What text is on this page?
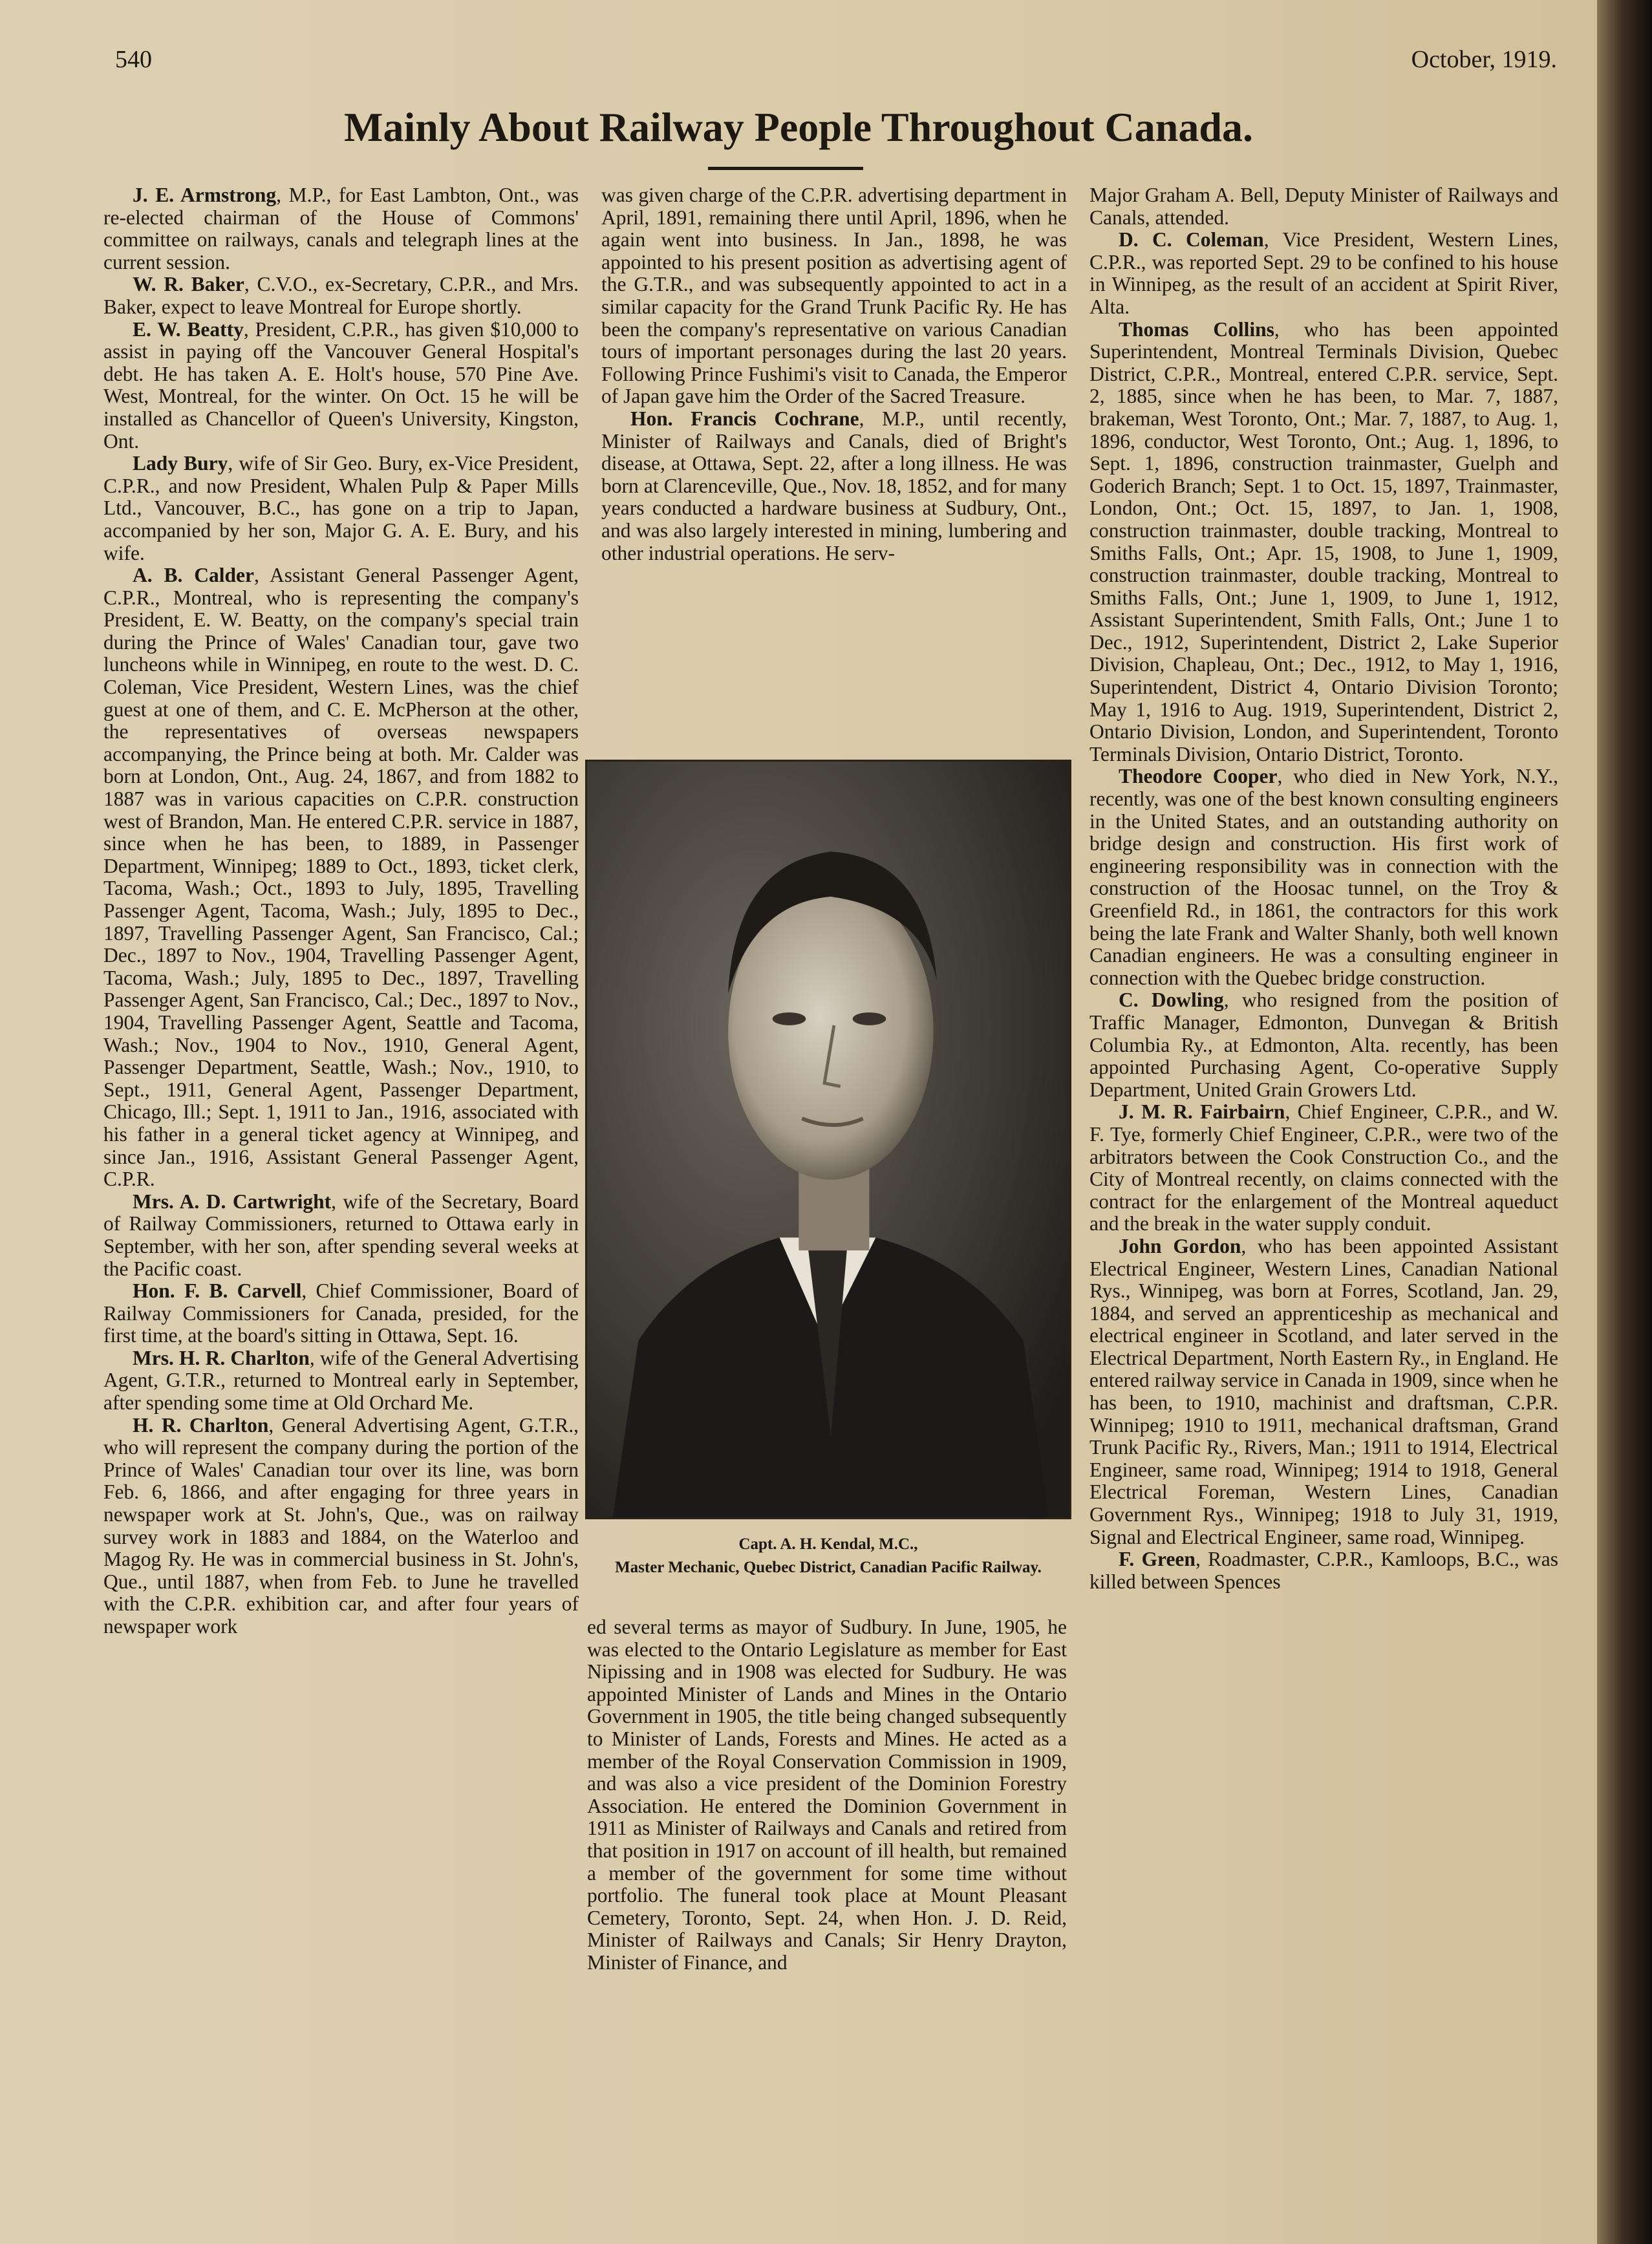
540	October, 1919.
Mainly About Railway People Throughout Canada.

J. E. Armstrong, M.P., for East Lambton, Ont., was re-elected chairman of the House of Commons' committee on railways, canals and telegraph lines at the current session.

W. R. Baker, C.V.O., ex-Secretary, C.P.R., and Mrs. Baker, expect to leave Montreal for Europe shortly.

E. W. Beatty, President, C.P.R., has given $10,000 to assist in paying off the Vancouver General Hospital's debt. He has taken A. E. Holt's house, 570 Pine Ave. West, Montreal, for the winter. On Oct. 15 he will be installed as Chancellor of Queen's University, Kingston, Ont.

Lady Bury, wife of Sir Geo. Bury, ex-Vice President, C.P.R., and now President, Whalen Pulp & Paper Mills Ltd., Vancouver, B.C., has gone on a trip to Japan, accompanied by her son, Major G. A. E. Bury, and his wife.

A. B. Calder, Assistant General Passenger Agent, C.P.R., Montreal, who is representing the company's President, E. W. Beatty, on the company's special train during the Prince of Wales' Canadian tour, gave two luncheons while in Winnipeg, en route to the west. D. C. Coleman, Vice President, Western Lines, was the chief guest at one of them, and C. E. McPherson at the other, the representatives of overseas newspapers accompanying, the Prince being at both. Mr. Calder was born at London, Ont., Aug. 24, 1867, and from 1882 to 1887 was in various capacities on C.P.R. construction west of Brandon, Man. He entered C.P.R. service in 1887, since when he has been, to 1889, in Passenger Department, Winnipeg; 1889 to Oct., 1893, ticket clerk, Tacoma, Wash.; Oct., 1893 to July, 1895, Travelling Passenger Agent, Tacoma, Wash.; July, 1895 to Dec., 1897, Travelling Passenger Agent, San Francisco, Cal.; Dec., 1897 to Nov., 1904, Travelling Passenger Agent, Tacoma, Wash.; July, 1895 to Dec., 1897, Travelling Passenger Agent, San Francisco, Cal.; Dec., 1897 to Nov., 1904, Travelling Passenger Agent, Seattle and Tacoma, Wash.; Nov., 1904 to Nov., 1910, General Agent, Passenger Department, Seattle, Wash.; Nov., 1910, to Sept., 1911, General Agent, Passenger Department, Chicago, Ill.; Sept. 1, 1911 to Jan., 1916, associated with his father in a general ticket agency at Winnipeg, and since Jan., 1916, Assistant General Passenger Agent, C.P.R.

Mrs. A. D. Cartwright, wife of the Secretary, Board of Railway Commissioners, returned to Ottawa early in September, with her son, after spending several weeks at the Pacific coast.

Hon. F. B. Carvell, Chief Commissioner, Board of Railway Commissioners for Canada, presided, for the first time, at the board's sitting in Ottawa, Sept. 16.

Mrs. H. R. Charlton, wife of the General Advertising Agent, G.T.R., returned to Montreal early in September, after spending some time at Old Orchard Me.

H. R. Charlton, General Advertising Agent, G.T.R., who will represent the company during the portion of the Prince of Wales' Canadian tour over its line, was born Feb. 6, 1866, and after engaging for three years in newspaper work at St. John's, Que., was on railway survey work in 1883 and 1884, on the Waterloo and Magog Ry. He was in commercial business in St. John's, Que., until 1887, when from Feb. to June he travelled with the C.P.R. exhibition car, and after four years of newspaper work

was given charge of the C.P.R. advertising department in April, 1891, remaining there until April, 1896, when he again went into business. In Jan., 1898, he was appointed to his present position as advertising agent of the G.T.R., and was subsequently appointed to act in a similar capacity for the Grand Trunk Pacific Ry. He has been the company's representative on various Canadian tours of important personages during the last 20 years. Following Prince Fushimi's visit to Canada, the Emperor of Japan gave him the Order of the Sacred Treasure.

Hon. Francis Cochrane, M.P., until recently, Minister of Railways and Canals, died of Bright's disease, at Ottawa, Sept. 22, after a long illness. He was born at Clarenceville, Que., Nov. 18, 1852, and for many years conducted a hardware business at Sudbury, Ont., and was also largely interested in mining, lumbering and other industrial operations. He serv-

Capt. A. H. Kendal, M.C.,
Master Mechanic, Quebec District, Canadian Pacific Railway.

ed several terms as mayor of Sudbury. In June, 1905, he was elected to the Ontario Legislature as member for East Nipissing and in 1908 was elected for Sudbury. He was appointed Minister of Lands and Mines in the Ontario Government in 1905, the title being changed subsequently to Minister of Lands, Forests and Mines. He acted as a member of the Royal Conservation Commission in 1909, and was also a vice president of the Dominion Forestry Association. He entered the Dominion Government in 1911 as Minister of Railways and Canals and retired from that position in 1917 on account of ill health, but remained a member of the government for some time without portfolio. The funeral took place at Mount Pleasant Cemetery, Toronto, Sept. 24, when Hon. J. D. Reid, Minister of Railways and Canals; Sir Henry Drayton, Minister of Finance, and

Major Graham A. Bell, Deputy Minister of Railways and Canals, attended.

D. C. Coleman, Vice President, Western Lines, C.P.R., was reported Sept. 29 to be confined to his house in Winnipeg, as the result of an accident at Spirit River, Alta.

Thomas Collins, who has been appointed Superintendent, Montreal Terminals Division, Quebec District, C.P.R., Montreal, entered C.P.R. service, Sept. 2, 1885, since when he has been, to Mar. 7, 1887, brakeman, West Toronto, Ont.; Mar. 7, 1887, to Aug. 1, 1896, conductor, West Toronto, Ont.; Aug. 1, 1896, to Sept. 1, 1896, construction trainmaster, Guelph and Goderich Branch; Sept. 1 to Oct. 15, 1897, Trainmaster, London, Ont.; Oct. 15, 1897, to Jan. 1, 1908, construction trainmaster, double tracking, Montreal to Smiths Falls, Ont.; Apr. 15, 1908, to June 1, 1909, construction trainmaster, double tracking, Montreal to Smiths Falls, Ont.; June 1, 1909, to June 1, 1912, Assistant Superintendent, Smith Falls, Ont.; June 1 to Dec., 1912, Superintendent, District 2, Lake Superior Division, Chapleau, Ont.; Dec., 1912, to May 1, 1916, Superintendent, District 4, Ontario Division Toronto; May 1, 1916 to Aug. 1919, Superintendent, District 2, Ontario Division, London, and Superintendent, Toronto Terminals Division, Ontario District, Toronto.

Theodore Cooper, who died in New York, N.Y., recently, was one of the best known consulting engineers in the United States, and an outstanding authority on bridge design and construction. His first work of engineering responsibility was in connection with the construction of the Hoosac tunnel, on the Troy & Greenfield Rd., in 1861, the contractors for this work being the late Frank and Walter Shanly, both well known Canadian engineers. He was a consulting engineer in connection with the Quebec bridge construction.

C. Dowling, who resigned from the position of Traffic Manager, Edmonton, Dunvegan & British Columbia Ry., at Edmonton, Alta. recently, has been appointed Purchasing Agent, Co-operative Supply Department, United Grain Growers Ltd.

J. M. R. Fairbairn, Chief Engineer, C.P.R., and W. F. Tye, formerly Chief Engineer, C.P.R., were two of the arbitrators between the Cook Construction Co., and the City of Montreal recently, on claims connected with the contract for the enlargement of the Montreal aqueduct and the break in the water supply conduit.

John Gordon, who has been appointed Assistant Electrical Engineer, Western Lines, Canadian National Rys., Winnipeg, was born at Forres, Scotland, Jan. 29, 1884, and served an apprenticeship as mechanical and electrical engineer in Scotland, and later served in the Electrical Department, North Eastern Ry., in England. He entered railway service in Canada in 1909, since when he has been, to 1910, machinist and draftsman, C.P.R. Winnipeg; 1910 to 1911, mechanical draftsman, Grand Trunk Pacific Ry., Rivers, Man.; 1911 to 1914, Electrical Engineer, same road, Winnipeg; 1914 to 1918, General Electrical Foreman, Western Lines, Canadian Government Rys., Winnipeg; 1918 to July 31, 1919, Signal and Electrical Engineer, same road, Winnipeg.

F. Green, Roadmaster, C.P.R., Kamloops, B.C., was killed between Spences
